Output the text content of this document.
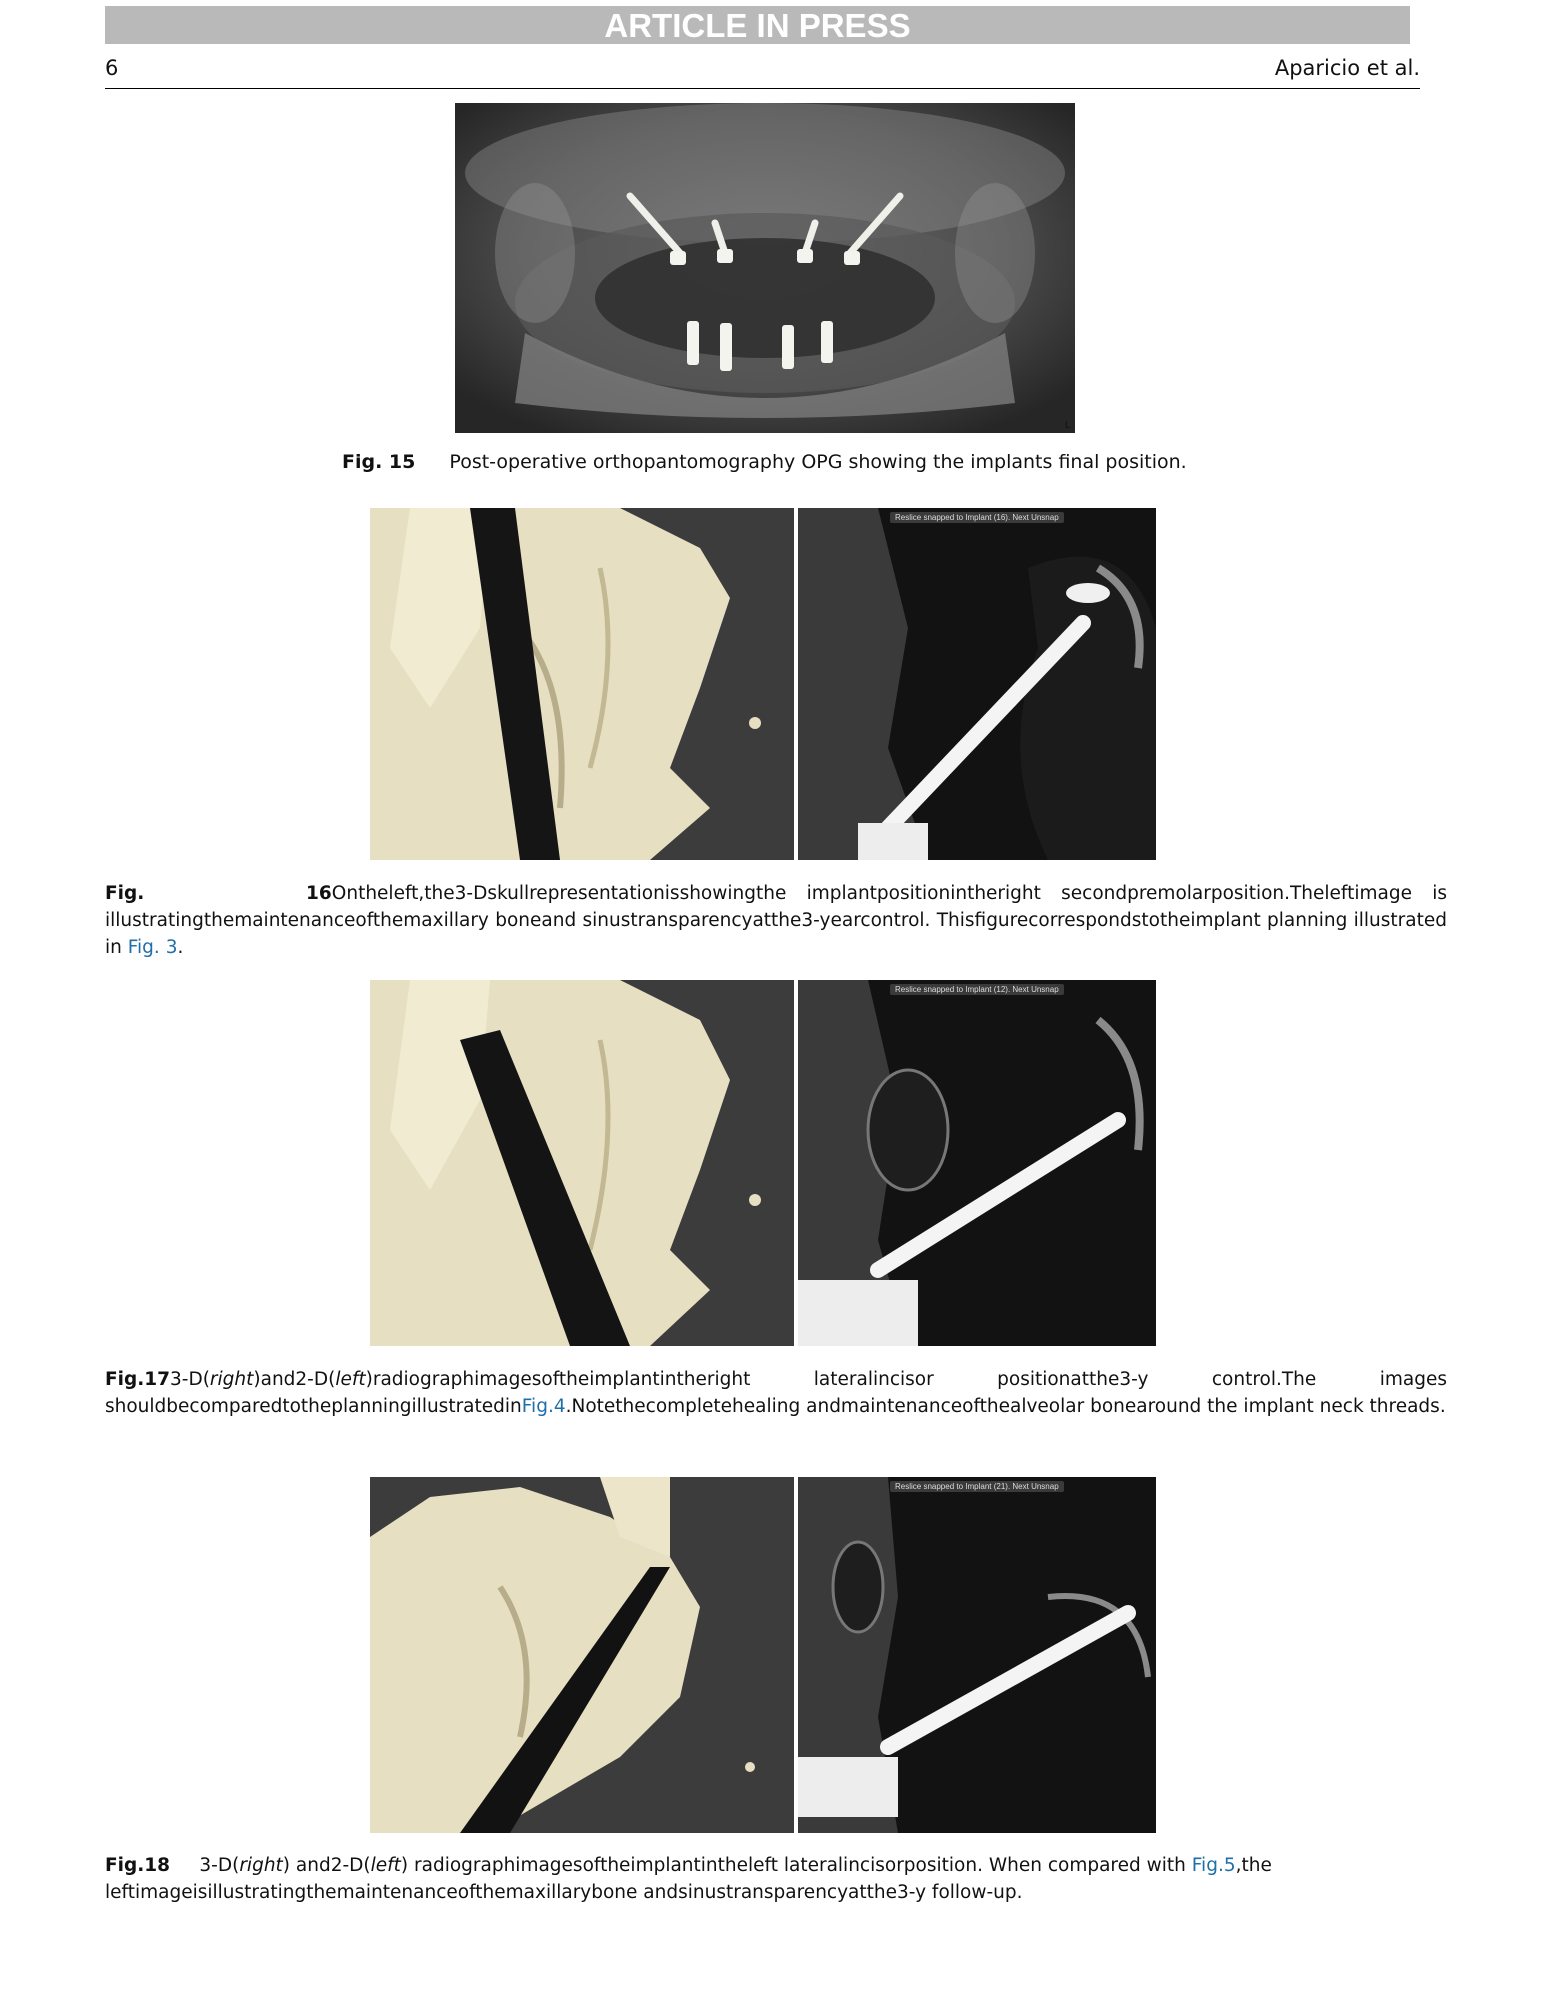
ARTICLE IN PRESS
6	Aparicio et al.
L
Fig. 15 Post-operative orthopantomography OPG showing the implants final position.
Reslice snapped to Implant (16). Next Unsnap
Fig.	16Ontheleft,the3-Dskullrepresentationisshowingthe implantpositionintheright secondpremolarposition.Theleftimage is illustratingthemaintenanceofthemaxillary boneand sinustransparencyatthe3-yearcontrol. Thisfigurecorrespondstotheimplant planning illustrated in Fig. 3.
Reslice snapped to Implant (12). Next Unsnap
Fig.173-D(right)and2-D(left)radiographimagesoftheimplantintheright lateralincisor positionatthe3-y control.The images shouldbecomparedtotheplanningillustratedinFig.4.Notethecompletehealing andmaintenanceofthealveolar bonearound the implant neck threads.
Reslice snapped to Implant (21). Next Unsnap
Fig.18 3-D(right) and2-D(left) radiographimagesoftheimplantintheleft lateralincisorposition. When compared with Fig.5,the leftimageisillustratingthemaintenanceofthemaxillarybone andsinustransparencyatthe3-y follow-up.
